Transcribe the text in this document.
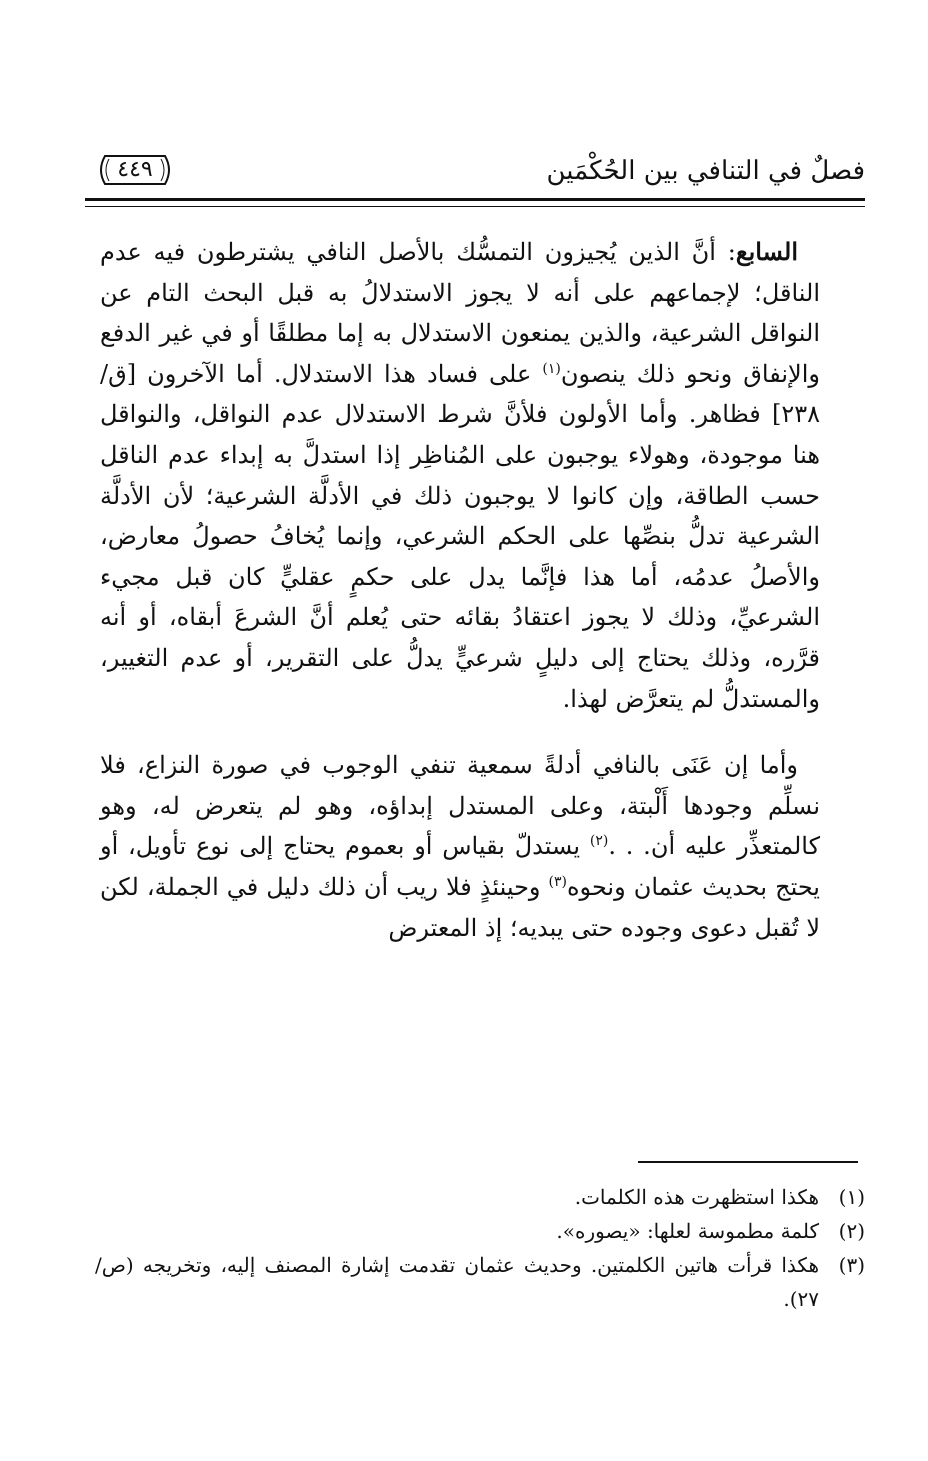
فصلٌ في التنافي بين الحُكْمَين
٤٤٩

السابع: أنَّ الذين يُجيزون التمسُّك بالأصل النافي يشترطون فيه عدم الناقل؛ لإجماعهم على أنه لا يجوز الاستدلالُ به قبل البحث التام عن النواقل الشرعية، والذين يمنعون الاستدلال به إما مطلقًا أو في غير الدفع والإنفاق ونحو ذلك ينصون$^{(١)}$ على فساد هذا الاستدلال. أما الآخرون [ق/٢٣٨] فظاهر. وأما الأولون فلأنَّ شرط الاستدلال عدم النواقل، والنواقل هنا موجودة، وهولاء يوجبون على المُناظِر إذا استدلَّ به إبداء عدم الناقل حسب الطاقة، وإن كانوا لا يوجبون ذلك في الأدلَّة الشرعية؛ لأن الأدلَّة الشرعية تدلُّ بنصِّها على الحكم الشرعي، وإنما يُخافُ حصولُ معارض، والأصلُ عدمُه، أما هذا فإنَّما يدل على حكمٍ عقليٍّ كان قبل مجيء الشرعيِّ، وذلك لا يجوز اعتقادُ بقائه حتى يُعلم أنَّ الشرعَ أبقاه، أو أنه قرَّره، وذلك يحتاج إلى دليلٍ شرعيٍّ يدلُّ على التقرير، أو عدم التغيير، والمستدلُّ لم يتعرَّض لهذا.

وأما إن عَنَى بالنافي أدلةً سمعية تنفي الوجوب في صورة النزاع، فلا نسلِّم وجودها أَلْبتة، وعلى المستدل إبداؤه، وهو لم يتعرض له، وهو كالمتعذِّر عليه أن. . .$^{(٢)}$ يستدلّ بقياس أو بعموم يحتاج إلى نوع تأويل، أو يحتج بحديث عثمان ونحوه$^{(٣)}$ وحينئذٍ فلا ريب أن ذلك دليل في الجملة، لكن لا تُقبل دعوى وجوده حتى يبديه؛ إذ المعترض

(١)
هكذا استظهرت هذه الكلمات.
(٢)
كلمة مطموسة لعلها: «يصوره».
(٣)
هكذا قرأت هاتين الكلمتين. وحديث عثمان تقدمت إشارة المصنف إليه، وتخريجه (ص/ ٢٧).
